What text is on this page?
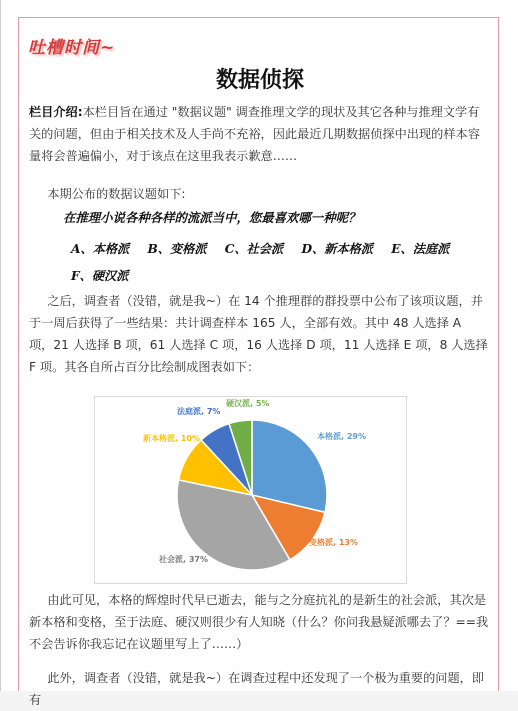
吐槽时间~
数据侦探
栏目介绍:本栏目旨在通过 "数据议题" 调查推理文学的现状及其它各种与推理文学有关的问题，但由于相关技术及人手尚不充裕，因此最近几期数据侦探中出现的样本容量将会普遍偏小，对于该点在这里我表示歉意……
  本期公布的数据议题如下:
在推理小说各种各样的流派当中，您最喜欢哪一种呢？
A、本格派 B、变格派 C、社会派 D、新本格派 E、法庭派
F、硬汉派
  之后，调查者（没错，就是我~）在 14 个推理群的群投票中公布了该项议题，并于一周后获得了一些结果：共计调查样本 165 人，全部有效。其中 48 人选择 A 项，21 人选择 B 项，61 人选择 C 项，16 人选择 D 项，11 人选择 E 项，8 人选择 F 项。其各自所占百分比绘制成图表如下：
本格派, 29%
变格派, 13%
社会派, 37%
新本格派, 10%
法庭派, 7%
硬汉派, 5%
  由此可见，本格的辉煌时代早已逝去，能与之分庭抗礼的是新生的社会派，其次是新本格和变格，至于法庭、硬汉则很少有人知晓（什么？你问我悬疑派哪去了？==我不会告诉你我忘记在议题里写上了……）
  此外，调查者（没错，就是我~）在调查过程中还发现了一个极为重要的问题，即有
